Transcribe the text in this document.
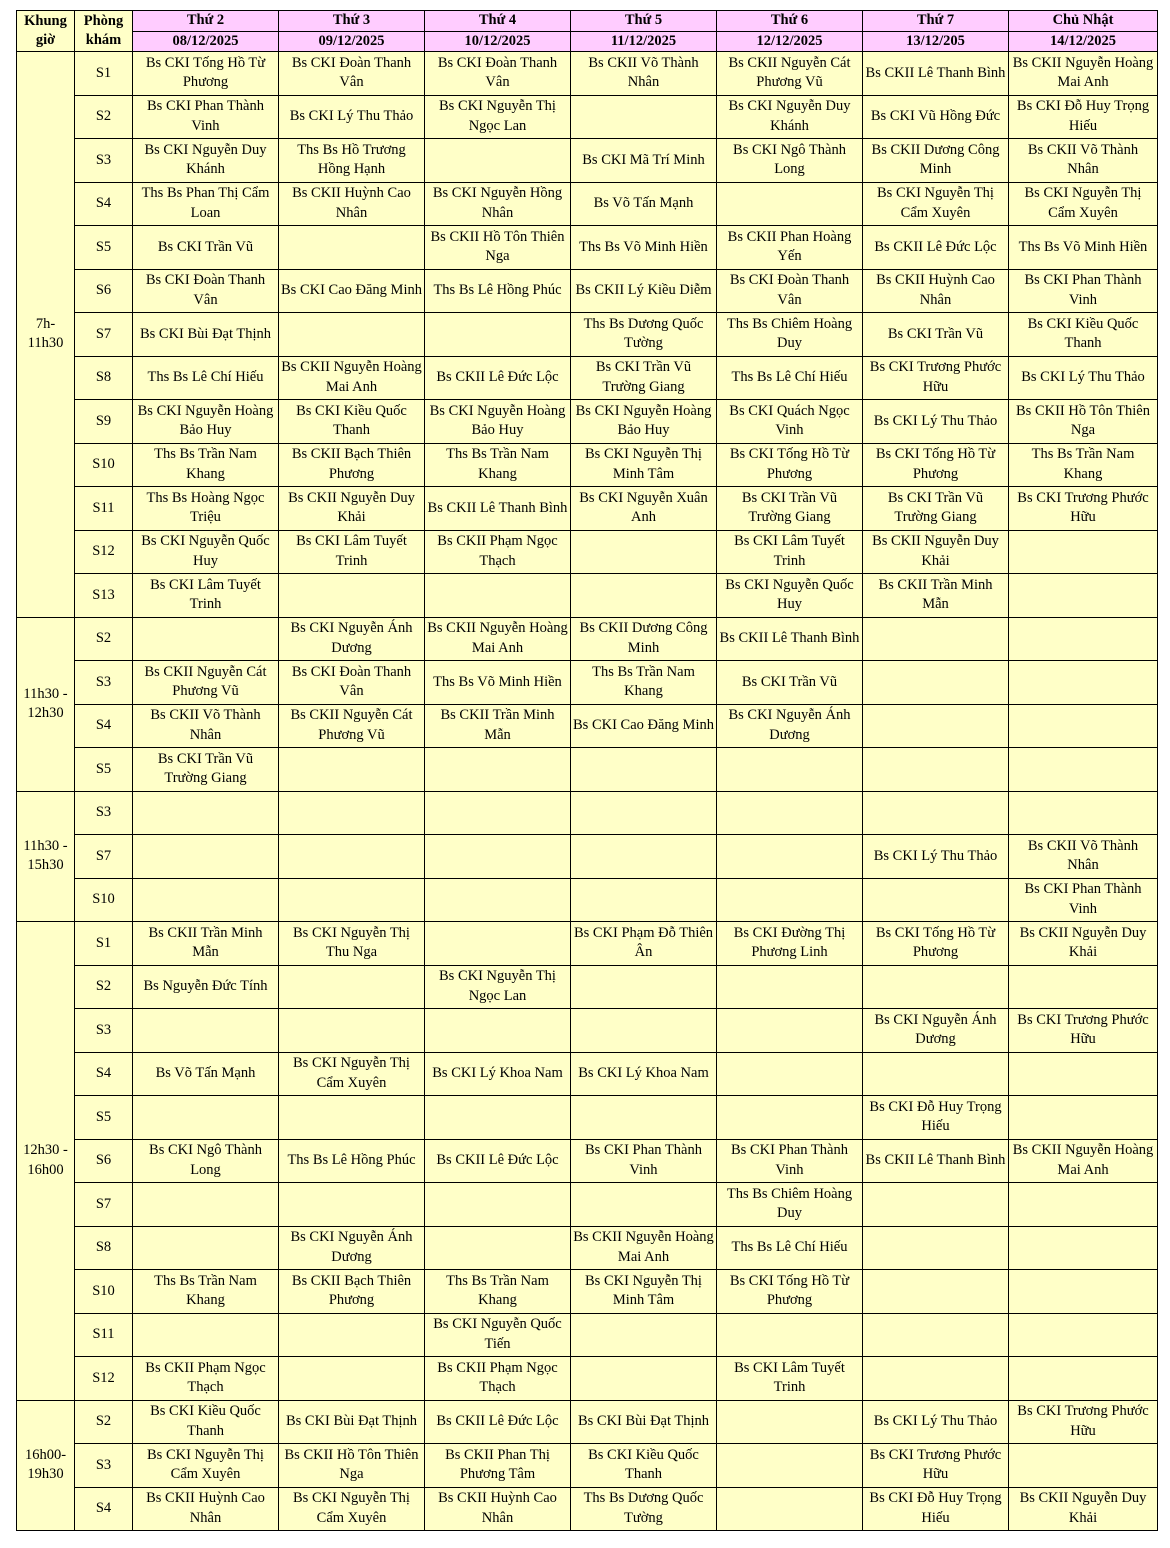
Khung giờ	Phòng khám	Thứ 2	Thứ 3	Thứ 4	Thứ 5	Thứ 6	Thứ 7	Chủ Nhật
		08/12/2025	09/12/2025	10/12/2025	11/12/2025	12/12/2025	13/12/205	14/12/2025
7h-
11h30	S1	Bs CKI Tống Hồ Từ Phương	Bs CKI Đoàn Thanh Vân	Bs CKI Đoàn Thanh Vân	Bs CKII Võ Thành Nhân	Bs CKII Nguyễn Cát Phương Vũ	Bs CKII Lê Thanh Bình	Bs CKII Nguyễn Hoàng Mai Anh
	S2	Bs CKI Phan Thành Vinh	Bs CKI Lý Thu Thảo	Bs CKI Nguyễn Thị Ngọc Lan		Bs CKI Nguyễn Duy Khánh	Bs CKI Vũ Hồng Đức	Bs CKI Đỗ Huy Trọng Hiếu
	S3	Bs CKI Nguyễn Duy Khánh	Ths Bs Hồ Trương Hồng Hạnh		Bs CKI Mã Trí Minh	Bs CKI Ngô Thành Long	Bs CKII Dương Công Minh	Bs CKII Võ Thành Nhân
	S4	Ths Bs Phan Thị Cẩm Loan	Bs CKII Huỳnh Cao Nhân	Bs CKI Nguyễn Hồng Nhân	Bs Võ Tấn Mạnh		Bs CKI Nguyễn Thị Cẩm Xuyên	Bs CKI Nguyễn Thị Cẩm Xuyên
	S5	Bs CKI Trần Vũ		Bs CKII Hồ Tôn Thiên Nga	Ths Bs Võ Minh Hiền	Bs CKII Phan Hoàng Yến	Bs CKII Lê Đức Lộc	Ths Bs Võ Minh Hiền
	S6	Bs CKI Đoàn Thanh Vân	Bs CKI Cao Đăng Minh	Ths Bs Lê Hồng Phúc	Bs CKII Lý Kiều Diễm	Bs CKI Đoàn Thanh Vân	Bs CKII Huỳnh Cao Nhân	Bs CKI Phan Thành Vinh
	S7	Bs CKI Bùi Đạt Thịnh			Ths Bs Dương Quốc Tường	Ths Bs Chiêm Hoàng Duy	Bs CKI Trần Vũ	Bs CKI Kiều Quốc Thanh
	S8	Ths Bs Lê Chí Hiếu	Bs CKII Nguyễn Hoàng Mai Anh	Bs CKII Lê Đức Lộc	Bs CKI Trần Vũ Trường Giang	Ths Bs Lê Chí Hiếu	Bs CKI Trương Phước Hữu	Bs CKI Lý Thu Thảo
	S9	Bs CKI Nguyễn Hoàng Bảo Huy	Bs CKI Kiều Quốc Thanh	Bs CKI Nguyễn Hoàng Bảo Huy	Bs CKI Nguyễn Hoàng Bảo Huy	Bs CKI Quách Ngọc Vinh	Bs CKI Lý Thu Thảo	Bs CKII Hồ Tôn Thiên Nga
	S10	Ths Bs Trần Nam Khang	Bs CKII Bạch Thiên Phương	Ths Bs Trần Nam Khang	Bs CKI Nguyễn Thị Minh Tâm	Bs CKI Tống Hồ Từ Phương	Bs CKI Tống Hồ Từ Phương	Ths Bs Trần Nam Khang
	S11	Ths Bs Hoàng Ngọc Triệu	Bs CKII Nguyễn Duy Khải	Bs CKII Lê Thanh Bình	Bs CKI Nguyễn Xuân Anh	Bs CKI Trần Vũ Trường Giang	Bs CKI Trần Vũ Trường Giang	Bs CKI Trương Phước Hữu
	S12	Bs CKI Nguyễn Quốc Huy	Bs CKI Lâm Tuyết Trinh	Bs CKII Phạm Ngọc Thạch		Bs CKI Lâm Tuyết Trinh	Bs CKII Nguyễn Duy Khải	
	S13	Bs CKI Lâm Tuyết Trinh				Bs CKI Nguyễn Quốc Huy	Bs CKII Trần Minh Mẫn	
11h30 -
12h30	S2		Bs CKI Nguyễn Ánh Dương	Bs CKII Nguyễn Hoàng Mai Anh	Bs CKII Dương Công Minh	Bs CKII Lê Thanh Bình		
	S3	Bs CKII Nguyễn Cát Phương Vũ	Bs CKI Đoàn Thanh Vân	Ths Bs Võ Minh Hiền	Ths Bs Trần Nam Khang	Bs CKI Trần Vũ		
	S4	Bs CKII Võ Thành Nhân	Bs CKII Nguyễn Cát Phương Vũ	Bs CKII Trần Minh Mẫn	Bs CKI Cao Đăng Minh	Bs CKI Nguyễn Ánh Dương		
	S5	Bs CKI Trần Vũ Trường Giang						
11h30 -
15h30	S3							
	S7						Bs CKI Lý Thu Thảo	Bs CKII Võ Thành Nhân
	S10							Bs CKI Phan Thành Vinh
12h30 -
16h00	S1	Bs CKII Trần Minh Mẫn	Bs CKI Nguyễn Thị Thu Nga		Bs CKI Phạm Đỗ Thiên Ân	Bs CKI Đường Thị Phương Linh	Bs CKI Tống Hồ Từ Phương	Bs CKII Nguyễn Duy Khải
	S2	Bs Nguyễn Đức Tính		Bs CKI Nguyễn Thị Ngọc Lan				
	S3						Bs CKI Nguyễn Ánh Dương	Bs CKI Trương Phước Hữu
	S4	Bs Võ Tấn Mạnh	Bs CKI Nguyễn Thị Cẩm Xuyên	Bs CKI Lý Khoa Nam	Bs CKI Lý Khoa Nam			
	S5						Bs CKI Đỗ Huy Trọng Hiếu	
	S6	Bs CKI Ngô Thành Long	Ths Bs Lê Hồng Phúc	Bs CKII Lê Đức Lộc	Bs CKI Phan Thành Vinh	Bs CKI Phan Thành Vinh	Bs CKII Lê Thanh Bình	Bs CKII Nguyễn Hoàng Mai Anh
	S7					Ths Bs Chiêm Hoàng Duy		
	S8		Bs CKI Nguyễn Ánh Dương		Bs CKII Nguyễn Hoàng Mai Anh	Ths Bs Lê Chí Hiếu		
	S10	Ths Bs Trần Nam Khang	Bs CKII Bạch Thiên Phương	Ths Bs Trần Nam Khang	Bs CKI Nguyễn Thị Minh Tâm	Bs CKI Tống Hồ Từ Phương		
	S11			Bs CKI Nguyễn Quốc Tiến				
	S12	Bs CKII Phạm Ngọc Thạch		Bs CKII Phạm Ngọc Thạch		Bs CKI Lâm Tuyết Trinh		
16h00-
19h30	S2	Bs CKI Kiều Quốc Thanh	Bs CKI Bùi Đạt Thịnh	Bs CKII Lê Đức Lộc	Bs CKI Bùi Đạt Thịnh		Bs CKI Lý Thu Thảo	Bs CKI Trương Phước Hữu
	S3	Bs CKI Nguyễn Thị Cẩm Xuyên	Bs CKII Hồ Tôn Thiên Nga	Bs CKII Phan Thị Phương Tâm	Bs CKI Kiều Quốc Thanh		Bs CKI Trương Phước Hữu	
	S4	Bs CKII Huỳnh Cao Nhân	Bs CKI Nguyễn Thị Cẩm Xuyên	Bs CKII Huỳnh Cao Nhân	Ths Bs Dương Quốc Tường		Bs CKI Đỗ Huy Trọng Hiếu	Bs CKII Nguyễn Duy Khải
